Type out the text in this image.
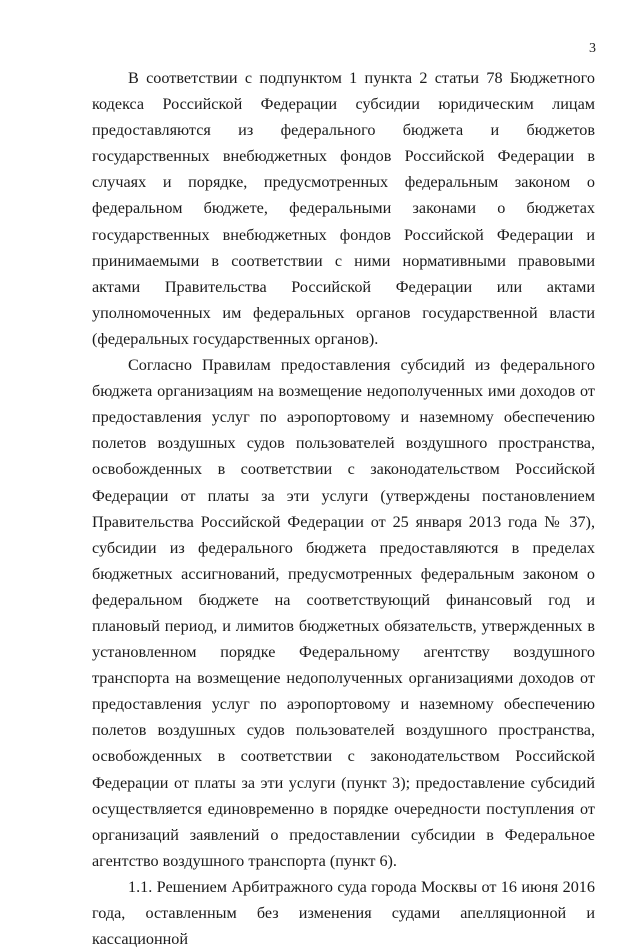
3

В соответствии с подпунктом 1 пункта 2 статьи 78 Бюджетного кодекса Российской Федерации субсидии юридическим лицам предоставляются из федерального бюджета и бюджетов государственных внебюджетных фондов Российской Федерации в случаях и порядке, предусмотренных федеральным законом о федеральном бюджете, федеральными законами о бюджетах государственных внебюджетных фондов Российской Федерации и принимаемыми в соответствии с ними нормативными правовыми актами Правительства Российской Федерации или актами уполномоченных им федеральных органов государственной власти (федеральных государственных органов).

Согласно Правилам предоставления субсидий из федерального бюджета организациям на возмещение недополученных ими доходов от предоставления услуг по аэропортовому и наземному обеспечению полетов воздушных судов пользователей воздушного пространства, освобожденных в соответствии с законодательством Российской Федерации от платы за эти услуги (утверждены постановлением Правительства Российской Федерации от 25 января 2013 года № 37), субсидии из федерального бюджета предоставляются в пределах бюджетных ассигнований, предусмотренных федеральным законом о федеральном бюджете на соответствующий финансовый год и плановый период, и лимитов бюджетных обязательств, утвержденных в установленном порядке Федеральному агентству воздушного транспорта на возмещение недополученных организациями доходов от предоставления услуг по аэропортовому и наземному обеспечению полетов воздушных судов пользователей воздушного пространства, освобожденных в соответствии с законодательством Российской Федерации от платы за эти услуги (пункт 3); предоставление субсидий осуществляется единовременно в порядке очередности поступления от организаций заявлений о предоставлении субсидии в Федеральное агентство воздушного транспорта (пункт 6).

1.1. Решением Арбитражного суда города Москвы от 16 июня 2016 года, оставленным без изменения судами апелляционной и кассационной
